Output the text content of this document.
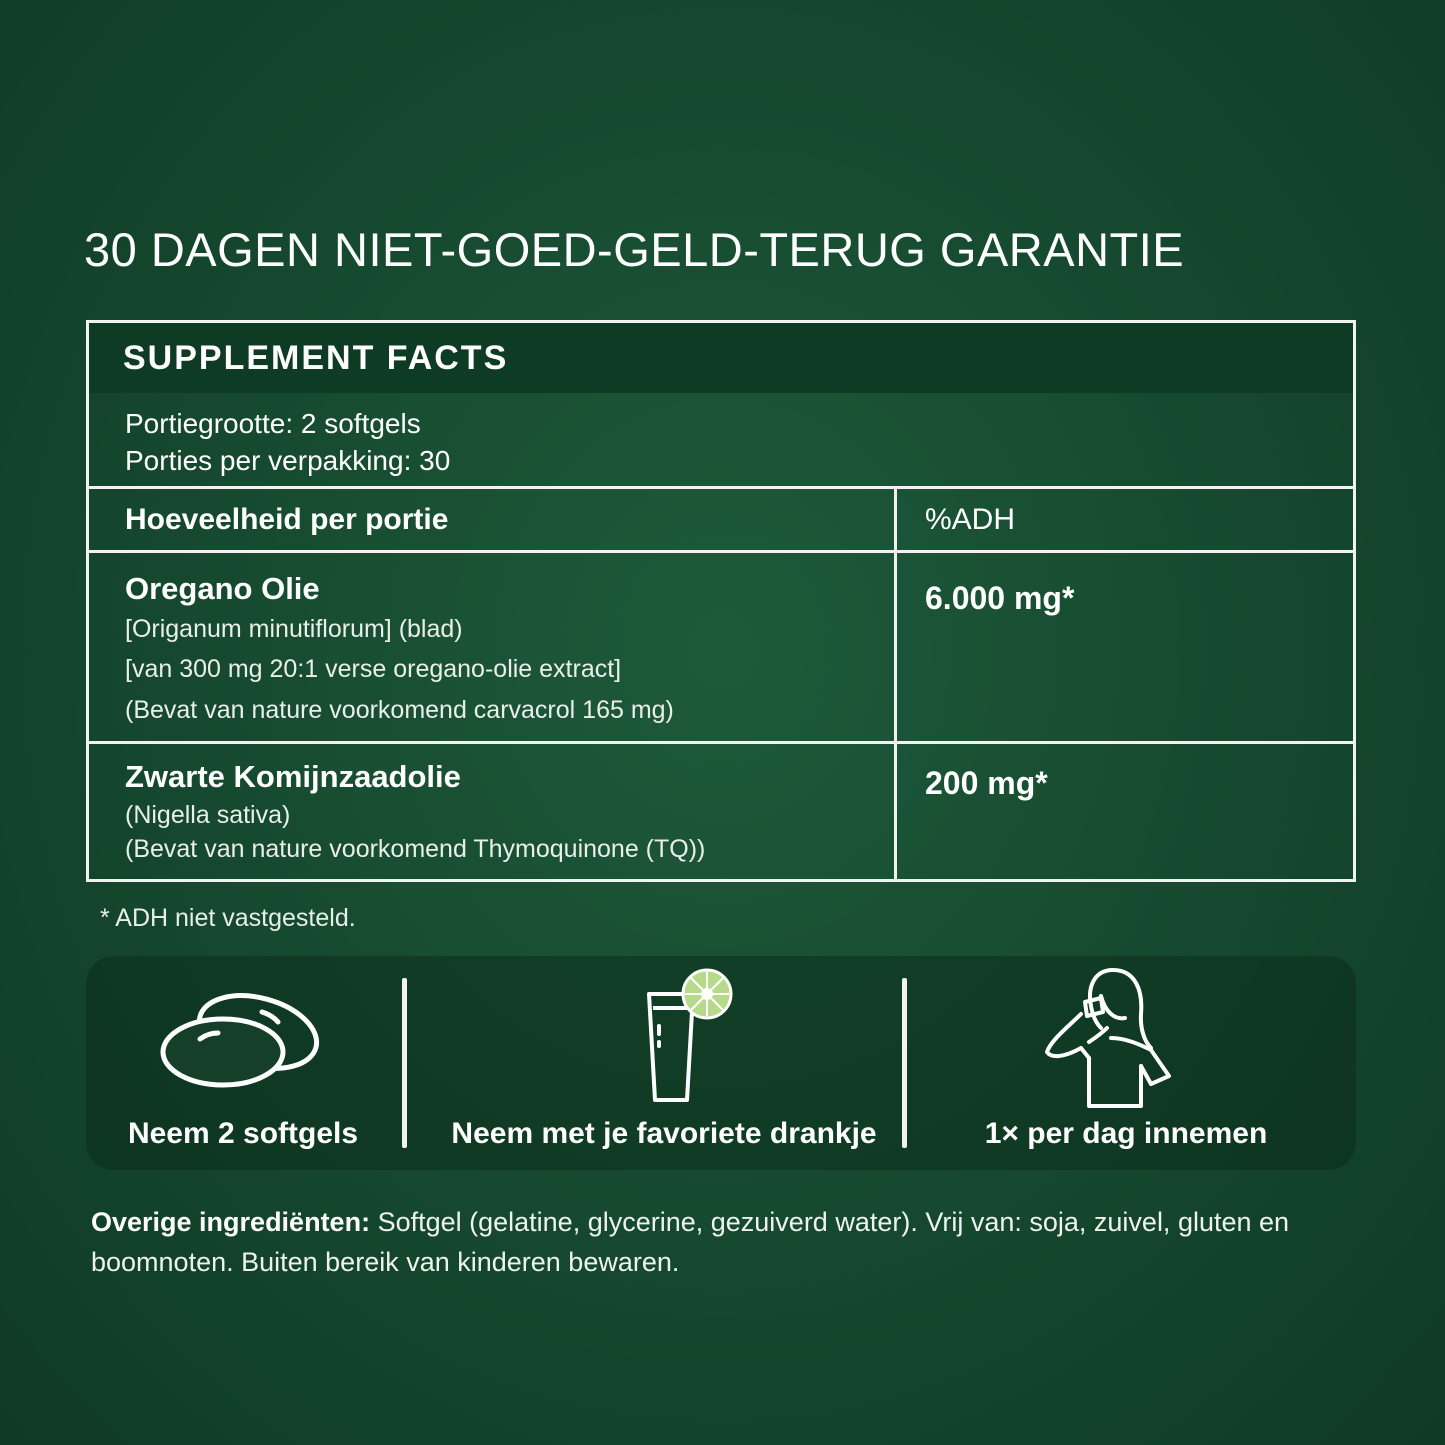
30 DAGEN NIET-GOED-GELD-TERUG GARANTIE
SUPPLEMENT FACTS
Portiegrootte: 2 softgels
Porties per verpakking: 30
Hoeveelheid per portie	%ADH
Oregano Olie
[Origanum minutiflorum] (blad)
[van 300 mg 20:1 verse oregano-olie extract]
(Bevat van nature voorkomend carvacrol 165 mg)
6.000 mg*
Zwarte Komijnzaadolie
(Nigella sativa)
(Bevat van nature voorkomend Thymoquinone (TQ))
200 mg*
* ADH niet vastgesteld.
Neem 2 softgels	Neem met je favoriete drankje	1× per dag innemen
Overige ingrediënten: Softgel (gelatine, glycerine, gezuiverd water). Vrij van: soja, zuivel, gluten en boomnoten. Buiten bereik van kinderen bewaren.
